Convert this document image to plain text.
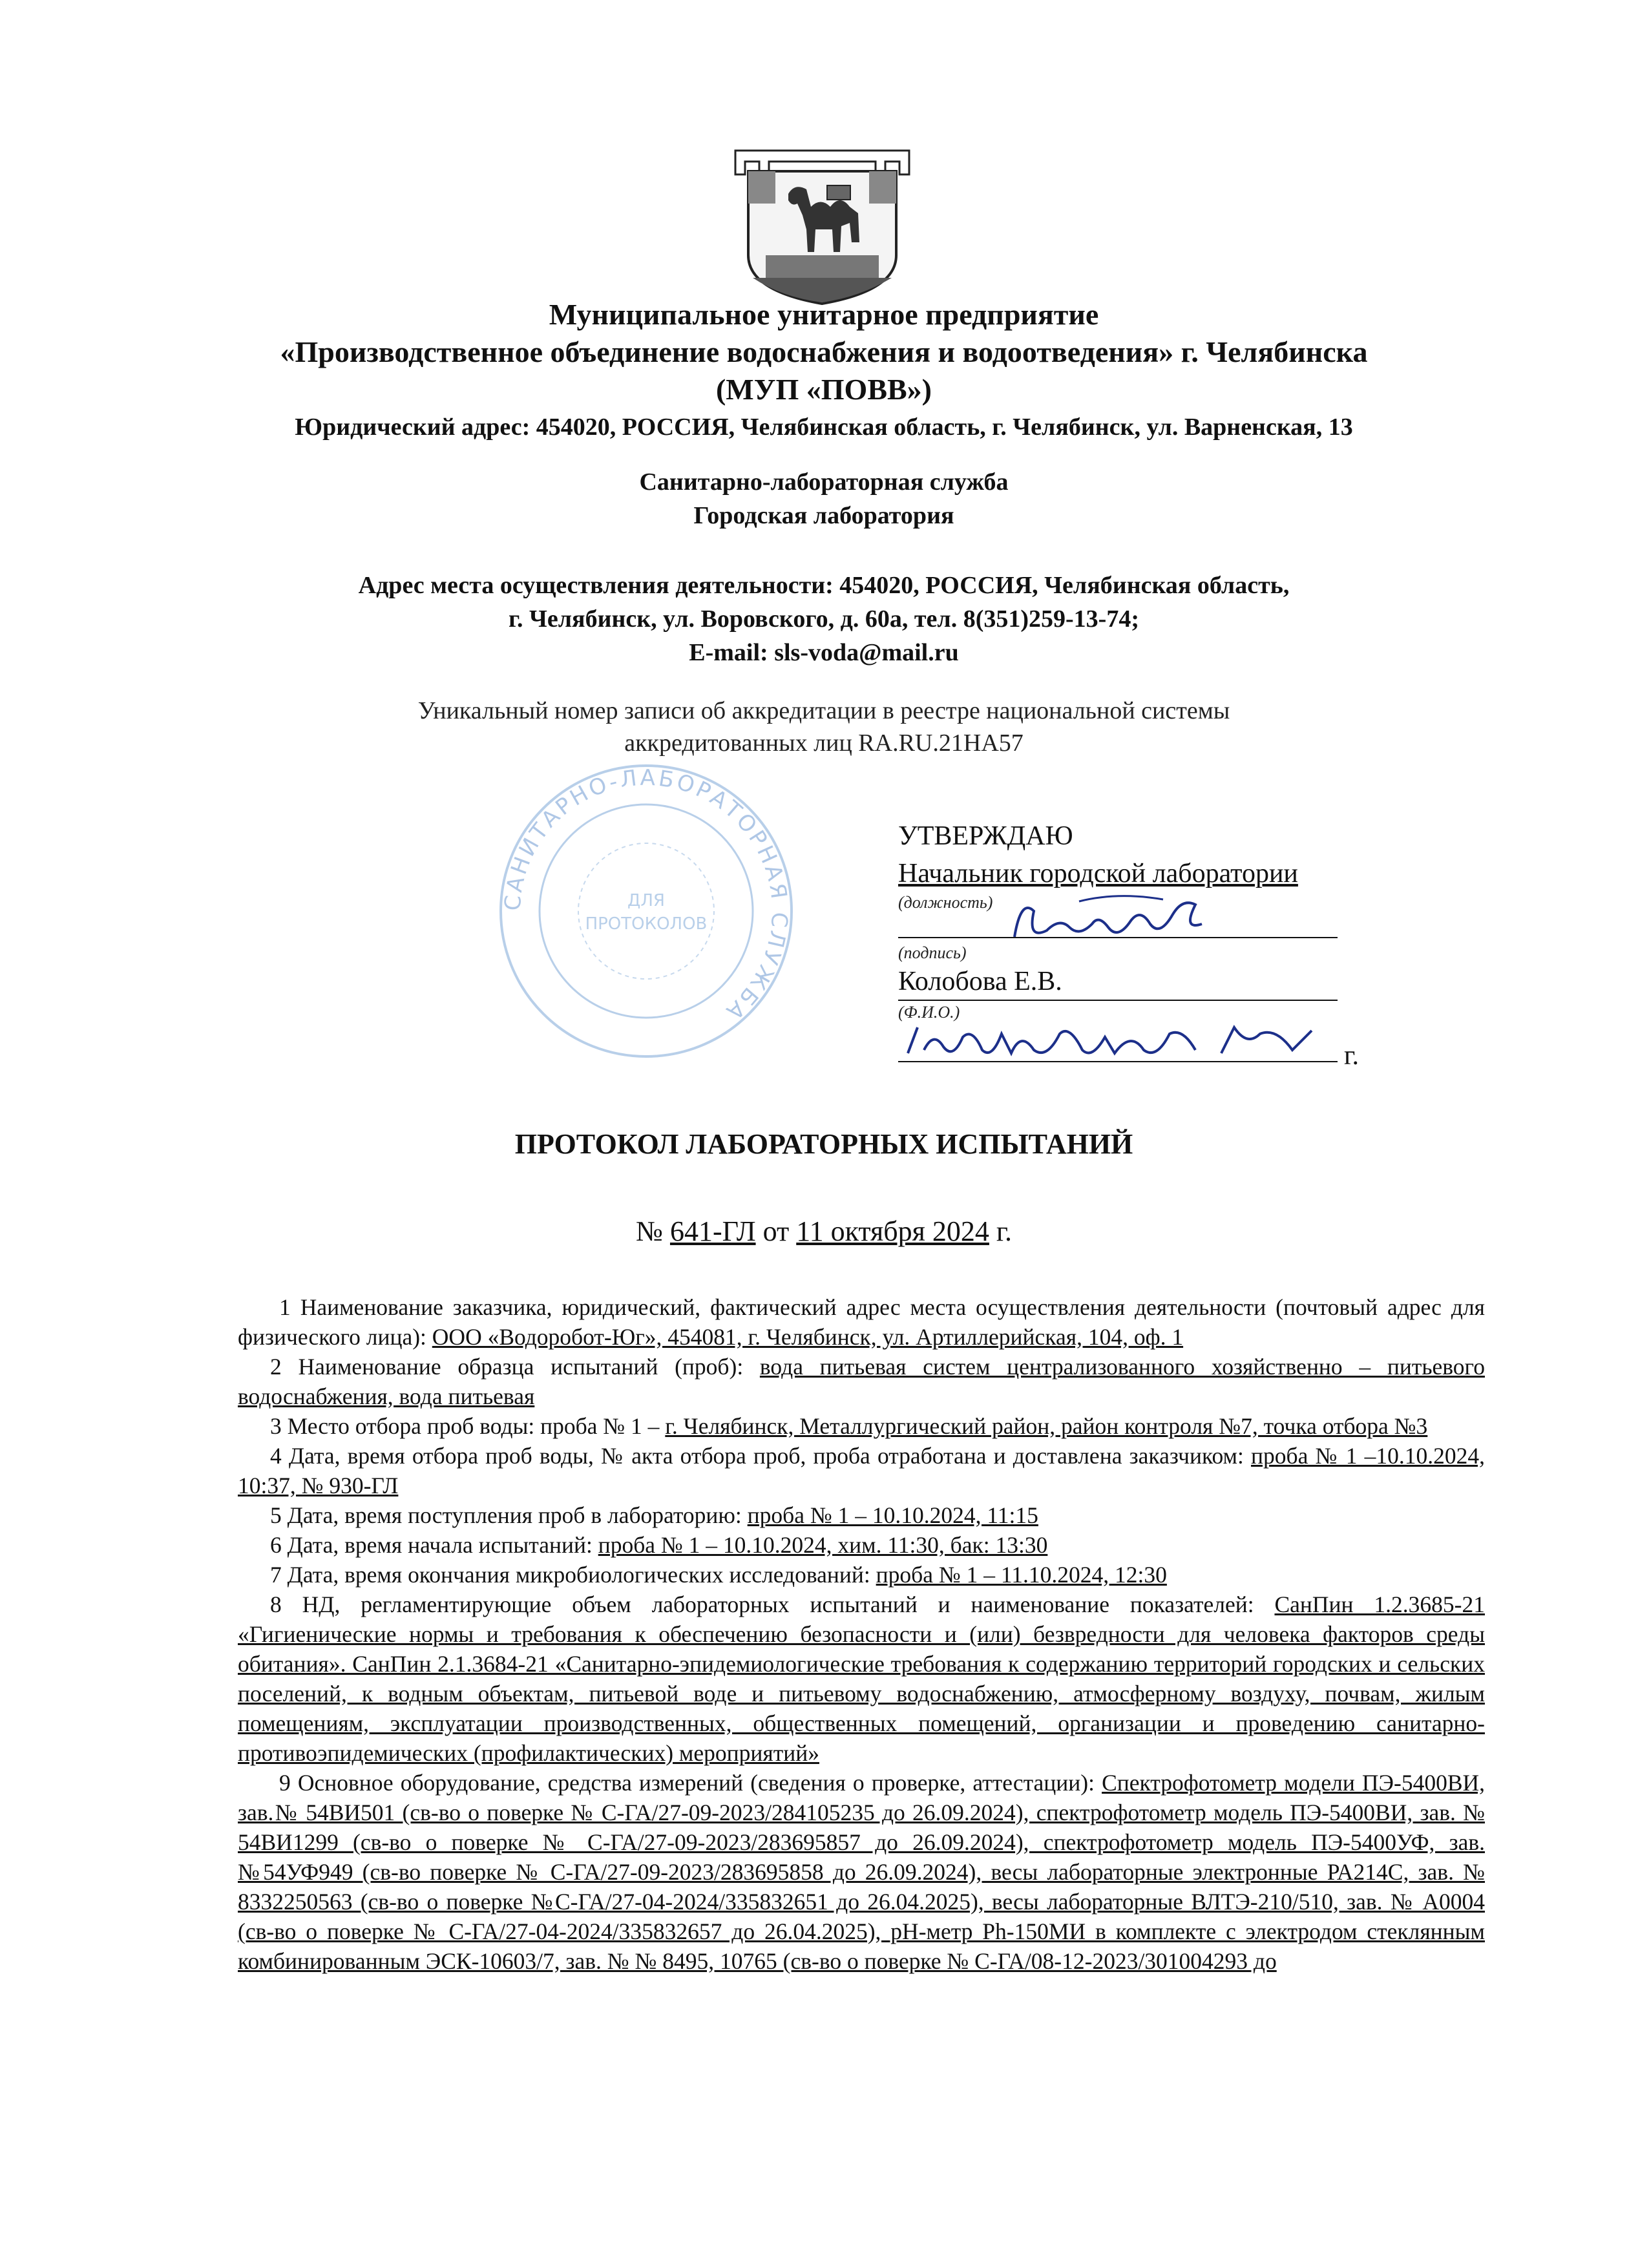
Муниципальное унитарное предприятие
«Производственное объединение водоснабжения и водоотведения» г. Челябинска
(МУП «ПОВВ»)
Юридический адрес: 454020, РОССИЯ, Челябинская область, г. Челябинск, ул. Варненская, 13
Санитарно-лабораторная служба
Городская лаборатория
Адрес места осуществления деятельности: 454020, РОССИЯ, Челябинская область,
г. Челябинск, ул. Воровского, д. 60а, тел. 8(351)259-13-74;
E-mail: sls-voda@mail.ru
Уникальный номер записи об аккредитации в реестре национальной системы
аккредитованных лиц RA.RU.21HA57
САНИТАРНО-ЛАБОРАТОРНАЯ СЛУЖБА
ДЛЯ
ПРОТОКОЛОВ
УТВЕРЖДАЮ
Начальник городской лаборатории
(должность)
(подпись)
Колобова Е.В.
(Ф.И.О.)
г.
ПРОТОКОЛ ЛАБОРАТОРНЫХ ИСПЫТАНИЙ
№ 641-ГЛ от 11 октября 2024 г.

1 Наименование заказчика, юридический, фактический адрес места осуществления деятельности (почтовый адрес для физического лица): ООО «Водоробот-Юг», 454081, г. Челябинск, ул. Артиллерийская, 104, оф. 1

2 Наименование образца испытаний (проб): вода питьевая систем централизованного хозяйственно – питьевого водоснабжения, вода питьевая

3 Место отбора проб воды: проба № 1 – г. Челябинск, Металлургический район, район контроля №7, точка отбора №3

4 Дата, время отбора проб воды, № акта отбора проб, проба отработана и доставлена заказчиком: проба № 1 –10.10.2024, 10:37, № 930-ГЛ

5 Дата, время поступления проб в лабораторию: проба № 1 – 10.10.2024, 11:15

6 Дата, время начала испытаний: проба № 1 – 10.10.2024, хим. 11:30, бак: 13:30

7 Дата, время окончания микробиологических исследований: проба № 1 – 11.10.2024, 12:30

8 НД, регламентирующие объем лабораторных испытаний и наименование показателей: СанПин 1.2.3685-21 «Гигиенические нормы и требования к обеспечению безопасности и (или) безвредности для человека факторов среды обитания». СанПин 2.1.3684-21 «Санитарно-эпидемиологические требования к содержанию территорий городских и сельских поселений, к водным объектам, питьевой воде и питьевому водоснабжению, атмосферному воздуху, почвам, жилым помещениям, эксплуатации производственных, общественных помещений, организации и проведению санитарно-противоэпидемических (профилактических) мероприятий»

9 Основное оборудование, средства измерений (сведения о проверке, аттестации): Спектрофотометр модели ПЭ-5400ВИ, зав.№ 54ВИ501 (св-во о поверке № С-ГА/27-09-2023/284105235 до 26.09.2024), спектрофотометр модель ПЭ-5400ВИ, зав. № 54ВИ1299 (св-во о поверке № С-ГА/27-09-2023/283695857 до 26.09.2024), спектрофотометр модель ПЭ-5400УФ, зав. №54УФ949 (св-во поверке № С-ГА/27-09-2023/283695858 до 26.09.2024), весы лабораторные электронные РА214С, зав. № 8332250563 (св-во о поверке №С-ГА/27-04-2024/335832651 до 26.04.2025), весы лабораторные ВЛТЭ-210/510, зав. № А0004 (св-во о поверке № С-ГА/27-04-2024/335832657 до 26.04.2025), pH-метр Ph-150МИ в комплекте с электродом стеклянным комбинированным ЭСК-10603/7, зав. № № 8495, 10765 (св-во о поверке № С-ГА/08-12-2023/301004293 до
